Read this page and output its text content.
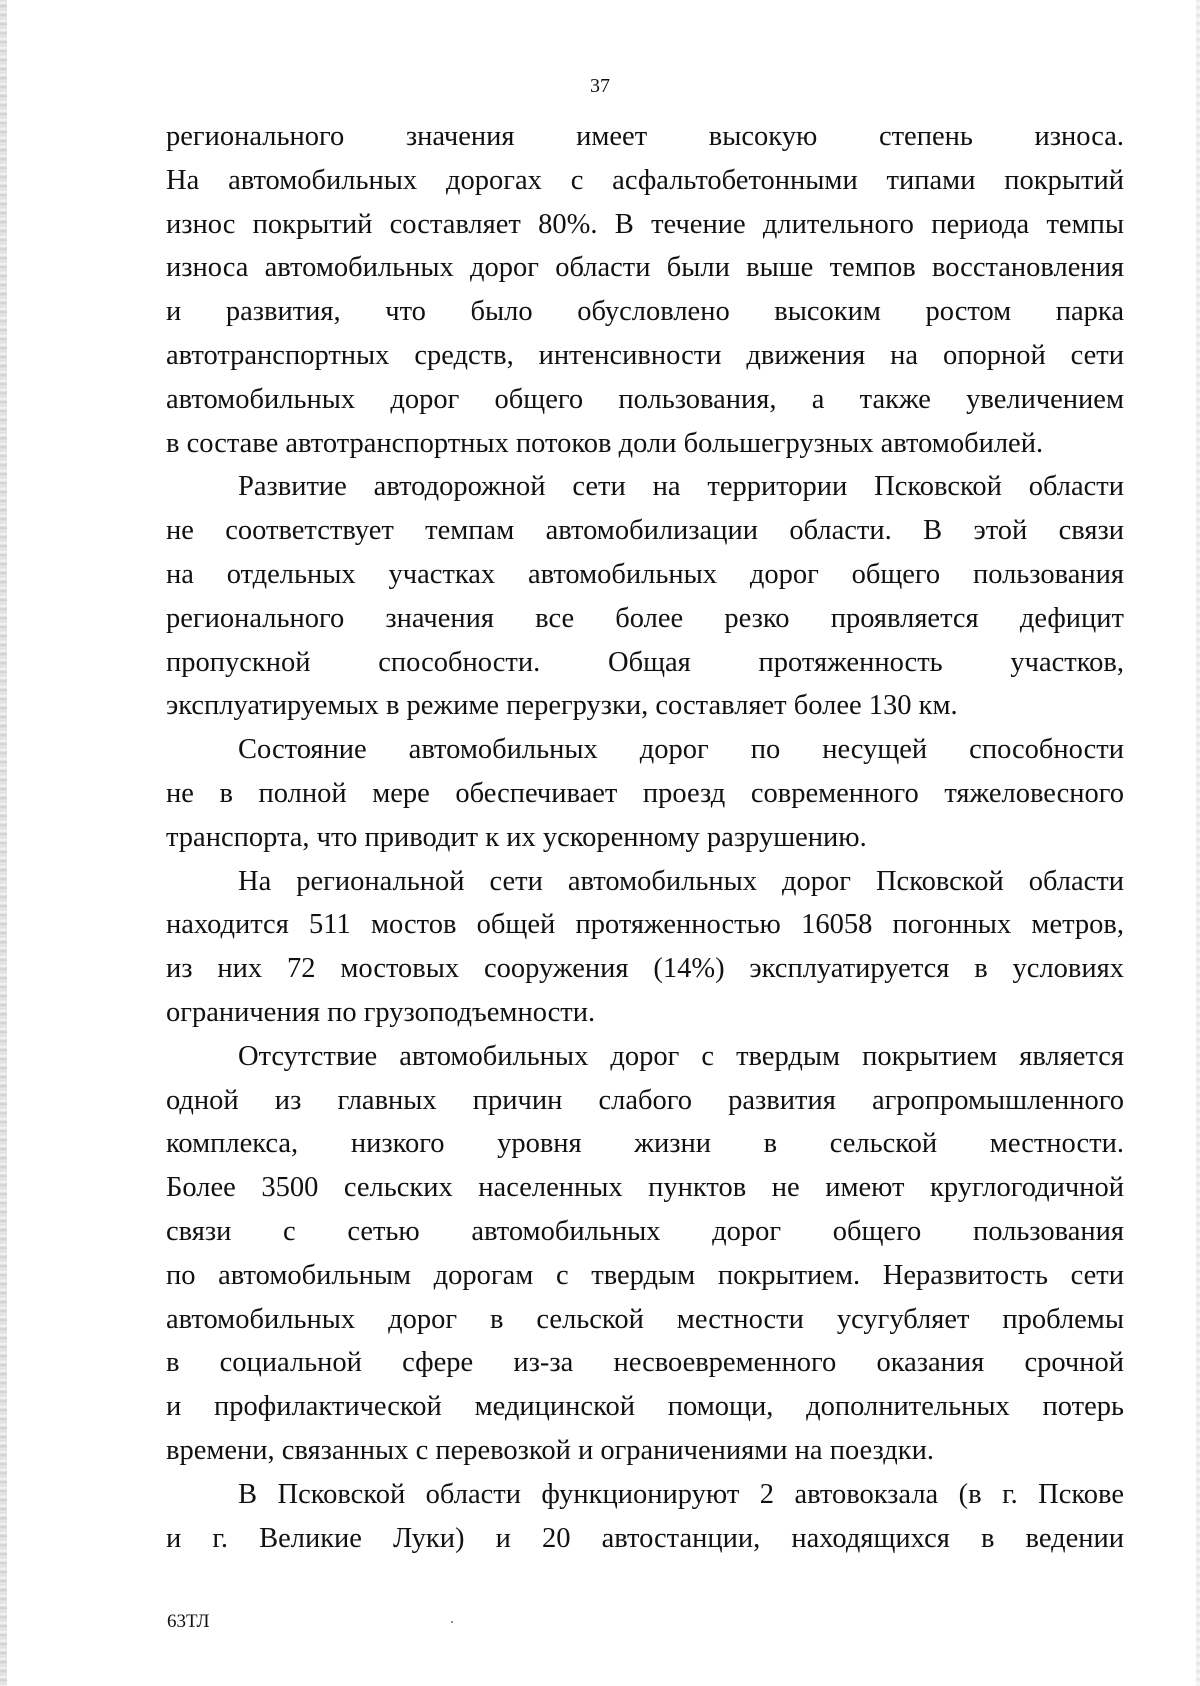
37

регионального значения имеет высокую степень износа.

На автомобильных дорогах с асфальтобетонными типами покрытий

износ покрытий составляет 80%. В течение длительного периода темпы

износа автомобильных дорог области были выше темпов восстановления

и развития, что было обусловлено высоким ростом парка

автотранспортных средств, интенсивности движения на опорной сети

автомобильных дорог общего пользования, а также увеличением

в составе автотранспортных потоков доли большегрузных автомобилей.

Развитие автодорожной сети на территории Псковской области

не соответствует темпам автомобилизации области. В этой связи

на отдельных участках автомобильных дорог общего пользования

регионального значения все более резко проявляется дефицит

пропускной способности. Общая протяженность участков,

эксплуатируемых в режиме перегрузки, составляет более 130 км.

Состояние автомобильных дорог по несущей способности

не в полной мере обеспечивает проезд современного тяжеловесного

транспорта, что приводит к их ускоренному разрушению.

На региональной сети автомобильных дорог Псковской области

находится 511 мостов общей протяженностью 16058 погонных метров,

из них 72 мостовых сооружения (14%) эксплуатируется в условиях

ограничения по грузоподъемности.

Отсутствие автомобильных дорог с твердым покрытием является

одной из главных причин слабого развития агропромышленного

комплекса, низкого уровня жизни в сельской местности.

Более 3500 сельских населенных пунктов не имеют круглогодичной

связи с сетью автомобильных дорог общего пользования

по автомобильным дорогам с твердым покрытием. Неразвитость сети

автомобильных дорог в сельской местности усугубляет проблемы

в социальной сфере из-за несвоевременного оказания срочной

и профилактической медицинской помощи, дополнительных потерь

времени, связанных с перевозкой и ограничениями на поездки.

В Псковской области функционируют 2 автовокзала (в г. Пскове

и г. Великие Луки) и 20 автостанции, находящихся в ведении

63ТЛ
